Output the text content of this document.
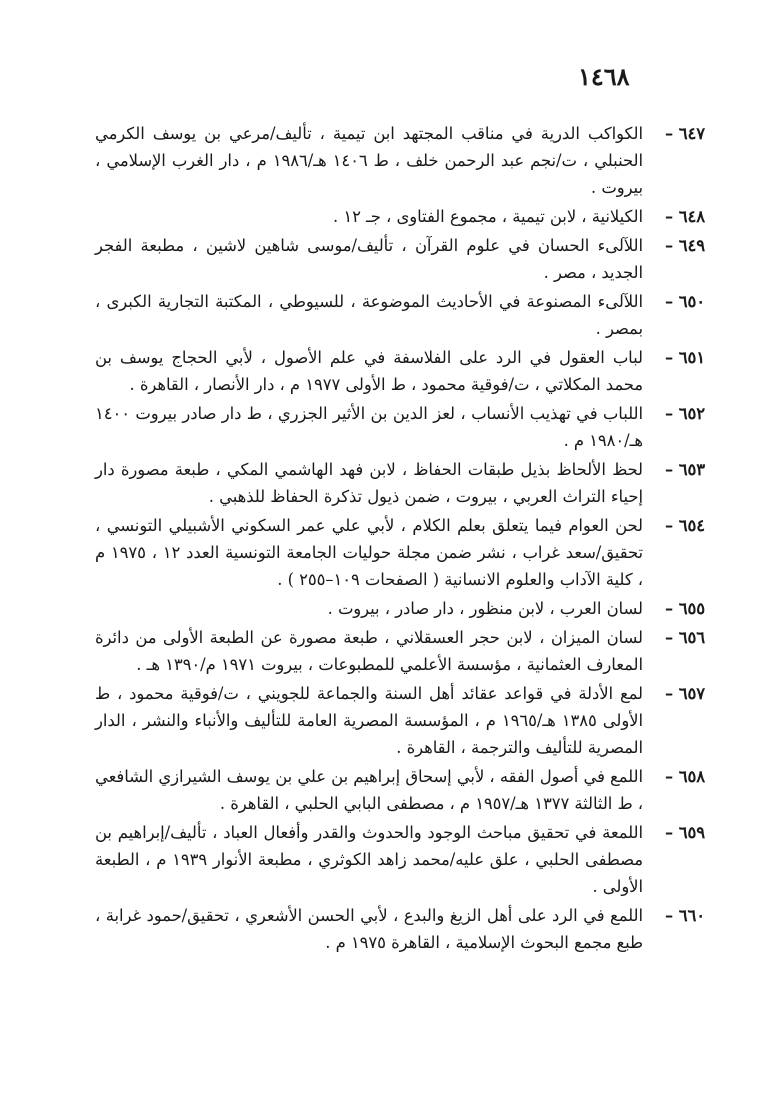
١٤٦٨
٦٤٧ –
الكواكب الدرية في مناقب المجتهد ابن تيمية ، تأليف/مرعي بن يوسف الكرمي الحنبلي ، ت/نجم عبد الرحمن خلف ، ط ١٤٠٦ هـ/١٩٨٦ م ، دار الغرب الإسلامي ، بيروت .
٦٤٨ –
الكيلانية ، لابن تيمية ، مجموع الفتاوى ، جـ ١٢ .
٦٤٩ –
اللآلىء الحسان في علوم القرآن ، تأليف/موسى شاهين لاشين ، مطبعة الفجر الجديد ، مصر .
٦٥٠ –
اللآلىء المصنوعة في الأحاديث الموضوعة ، للسيوطي ، المكتبة التجارية الكبرى ، بمصر .
٦٥١ –
لباب العقول في الرد على الفلاسفة في علم الأصول ، لأبي الحجاج يوسف بن محمد المكلاتي ، ت/فوقية محمود ، ط الأولى ١٩٧٧ م ، دار الأنصار ، القاهرة .
٦٥٢ –
اللباب في تهذيب الأنساب ، لعز الدين بن الأثير الجزري ، ط دار صادر بيروت ١٤٠٠ هـ/١٩٨٠ م .
٦٥٣ –
لحظ الألحاظ بذيل طبقات الحفاظ ، لابن فهد الهاشمي المكي ، طبعة مصورة دار إحياء التراث العربي ، بيروت ، ضمن ذيول تذكرة الحفاظ للذهبي .
٦٥٤ –
لحن العوام فيما يتعلق بعلم الكلام ، لأبي علي عمر السكوني الأشبيلي التونسي ، تحقيق/سعد غراب ، نشر ضمن مجلة حوليات الجامعة التونسية العدد ١٢ ، ١٩٧٥ م ، كلية الآداب والعلوم الانسانية ( الصفحات ١٠٩–٢٥٥ ) .
٦٥٥ –
لسان العرب ، لابن منظور ، دار صادر ، بيروت .
٦٥٦ –
لسان الميزان ، لابن حجر العسقلاني ، طبعة مصورة عن الطبعة الأولى من دائرة المعارف العثمانية ، مؤسسة الأعلمي للمطبوعات ، بيروت ١٩٧١ م/١٣٩٠ هـ .
٦٥٧ –
لمع الأدلة في قواعد عقائد أهل السنة والجماعة للجويني ، ت/فوقية محمود ، ط الأولى ١٣٨٥ هـ/١٩٦٥ م ، المؤسسة المصرية العامة للتأليف والأنباء والنشر ، الدار المصرية للتأليف والترجمة ، القاهرة .
٦٥٨ –
اللمع في أصول الفقه ، لأبي إسحاق إبراهيم بن علي بن يوسف الشيرازي الشافعي ، ط الثالثة ١٣٧٧ هـ/١٩٥٧ م ، مصطفى البابي الحلبي ، القاهرة .
٦٥٩ –
اللمعة في تحقيق مباحث الوجود والحدوث والقدر وأفعال العباد ، تأليف/إبراهيم بن مصطفى الحلبي ، علق عليه/محمد زاهد الكوثري ، مطبعة الأنوار ١٩٣٩ م ، الطبعة الأولى .
٦٦٠ –
اللمع في الرد على أهل الزيغ والبدع ، لأبي الحسن الأشعري ، تحقيق/حمود غرابة ، طبع مجمع البحوث الإسلامية ، القاهرة ١٩٧٥ م .
